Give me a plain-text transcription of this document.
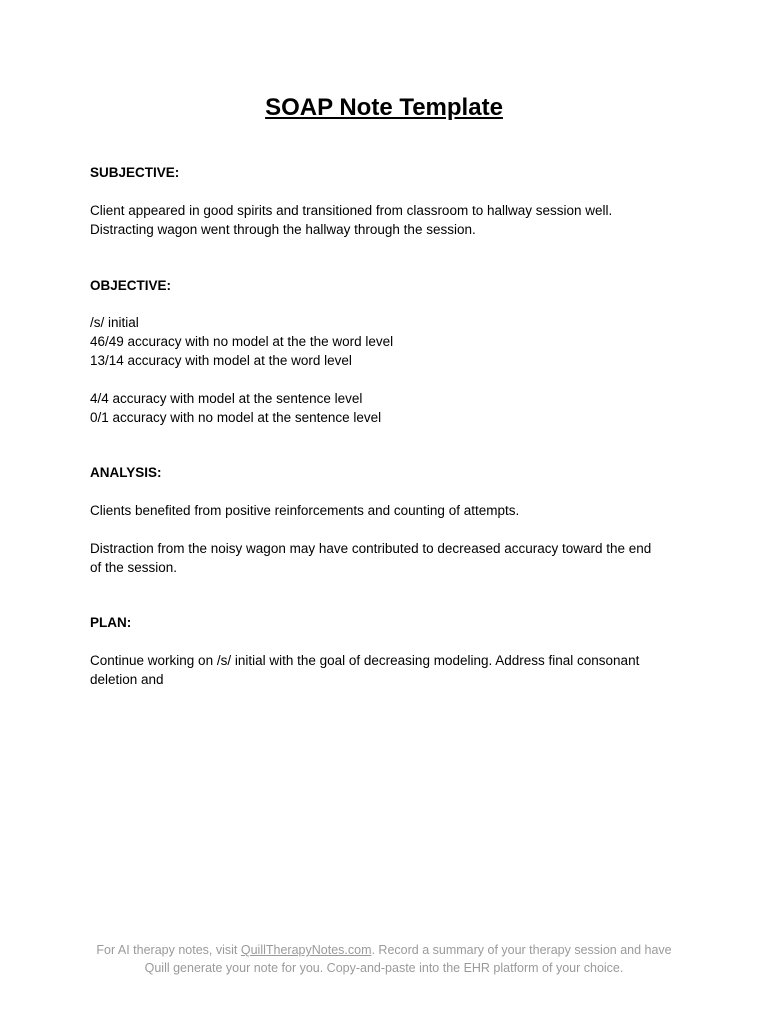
SOAP Note Template
SUBJECTIVE:
Client appeared in good spirits and transitioned from classroom to hallway session well.
Distracting wagon went through the hallway through the session.
OBJECTIVE:
/s/ initial
46/49 accuracy with no model at the the word level
13/14 accuracy with model at the word level
4/4 accuracy with model at the sentence level
0/1 accuracy with no model at the sentence level
ANALYSIS:
Clients benefited from positive reinforcements and counting of attempts.
Distraction from the noisy wagon may have contributed to decreased accuracy toward the end
of the session.
PLAN:
Continue working on /s/ initial with the goal of decreasing modeling. Address final consonant
deletion and
For AI therapy notes, visit QuillTherapyNotes.com. Record a summary of your therapy session and have
Quill generate your note for you. Copy-and-paste into the EHR platform of your choice.
